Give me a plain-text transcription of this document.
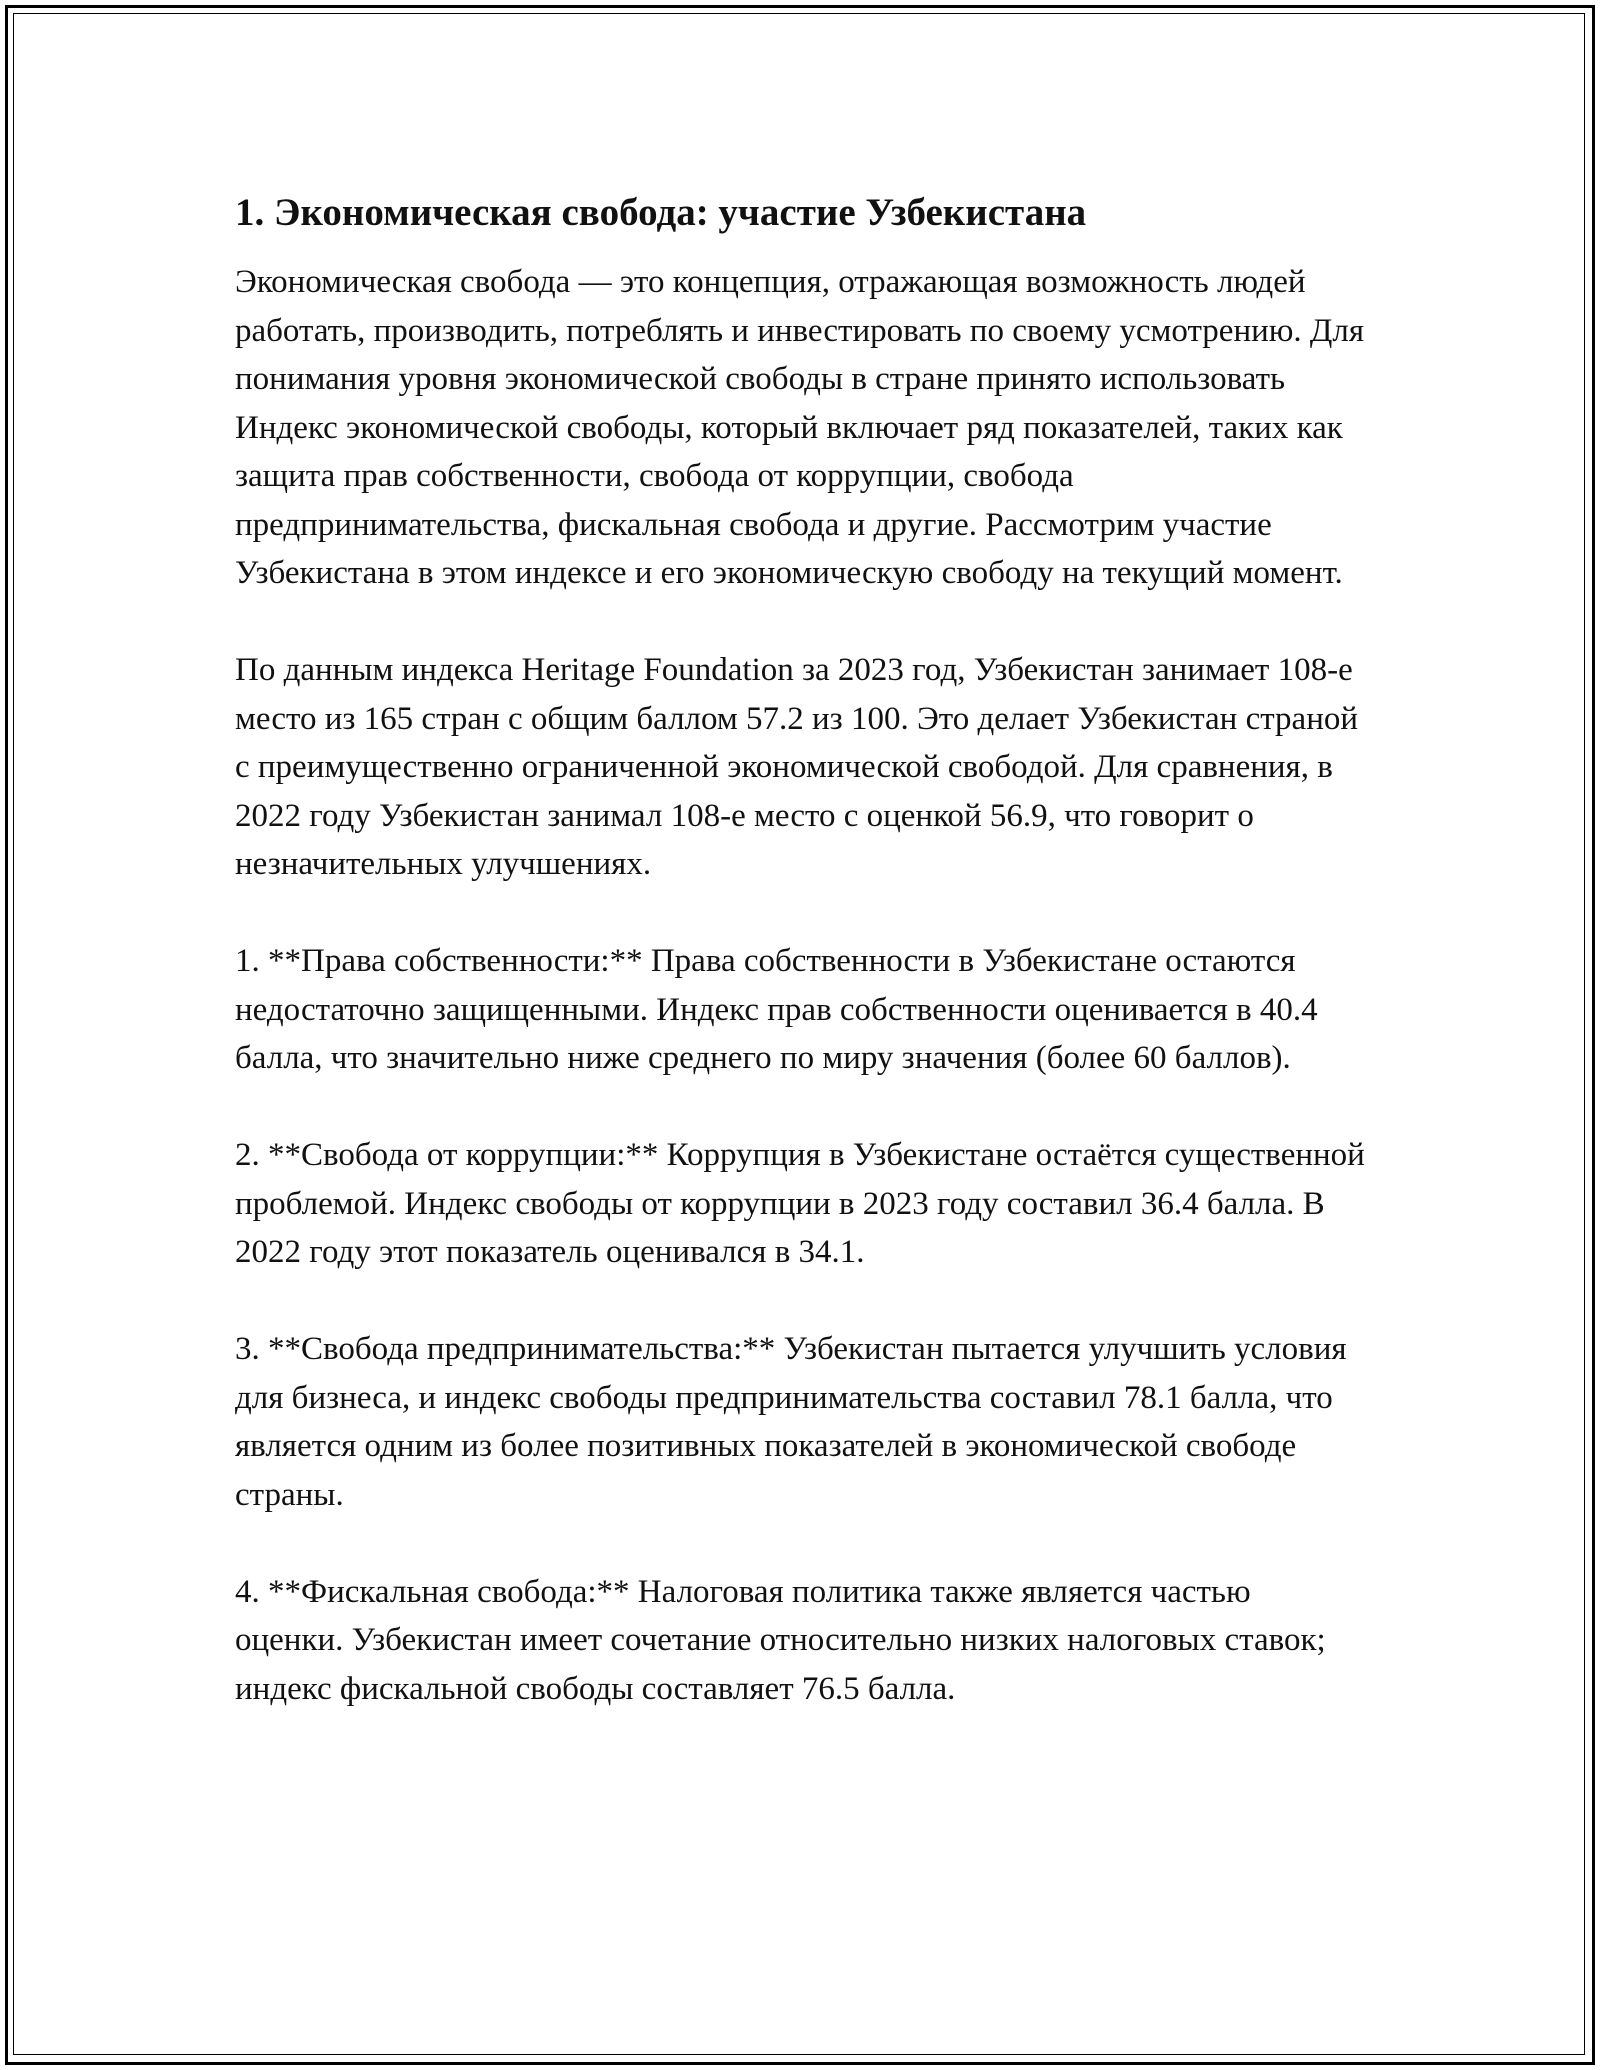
1. Экономическая свобода: участие Узбекистана

Экономическая свобода — это концепция, отражающая возможность людей работать, производить, потреблять и инвестировать по своему усмотрению. Для понимания уровня экономической свободы в стране принято использовать Индекс экономической свободы, который включает ряд показателей, таких как защита прав собственности, свобода от коррупции, свобода предпринимательства, фискальная свобода и другие. Рассмотрим участие Узбекистана в этом индексе и его экономическую свободу на текущий момент.

По данным индекса Heritage Foundation за 2023 год, Узбекистан занимает 108-е место из 165 стран с общим баллом 57.2 из 100. Это делает Узбекистан страной с преимущественно ограниченной экономической свободой. Для сравнения, в 2022 году Узбекистан занимал 108-е место с оценкой 56.9, что говорит о незначительных улучшениях.

1. **Права собственности:** Права собственности в Узбекистане остаются недостаточно защищенными. Индекс прав собственности оценивается в 40.4 балла, что значительно ниже среднего по миру значения (более 60 баллов).

2. **Свобода от коррупции:** Коррупция в Узбекистане остаётся существенной проблемой. Индекс свободы от коррупции в 2023 году составил 36.4 балла. В 2022 году этот показатель оценивался в 34.1.

3. **Свобода предпринимательства:** Узбекистан пытается улучшить условия для бизнеса, и индекс свободы предпринимательства составил 78.1 балла, что является одним из более позитивных показателей в экономической свободе страны.

4. **Фискальная свобода:** Налоговая политика также является частью оценки. Узбекистан имеет сочетание относительно низких налоговых ставок; индекс фискальной свободы составляет 76.5 балла.
